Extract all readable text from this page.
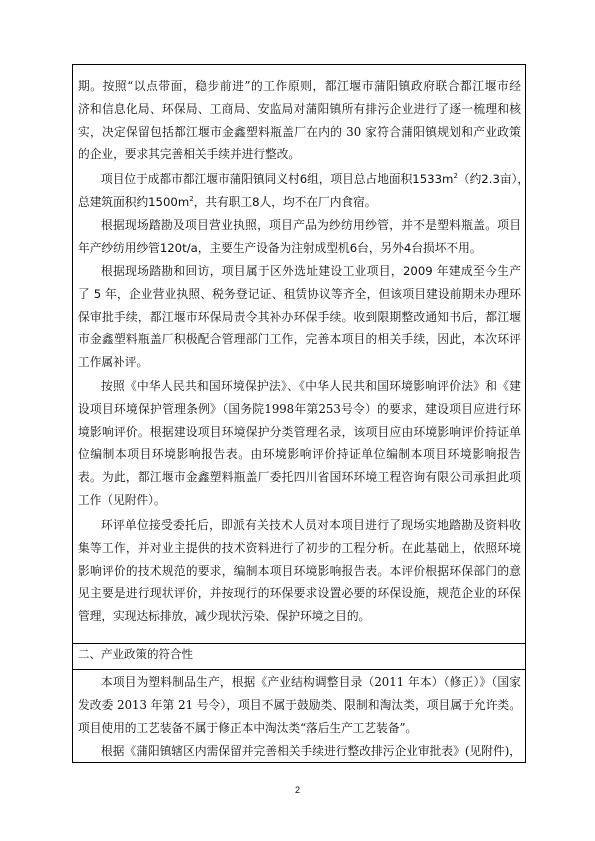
期。按照“以点带面，稳步前进”的工作原则，都江堰市蒲阳镇政府联合都江堰市经
济和信息化局、环保局、工商局、安监局对蒲阳镇所有排污企业进行了逐一梳理和核
实，决定保留包括都江堰市金鑫塑料瓶盖厂在内的 30 家符合蒲阳镇规划和产业政策
的企业，要求其完善相关手续并进行整改。
项目位于成都市都江堰市蒲阳镇同义村6组，项目总占地面积$1533m^2$（约2.3亩），
总建筑面积约$1500m^2$，共有职工8人，均不在厂内食宿。
根据现场踏勘及项目营业执照，项目产品为纱纺用纱管，并不是塑料瓶盖。项目
年产纱纺用纱管120t/a，主要生产设备为注射成型机6台，另外4台损坏不用。
根据现场踏勘和回访，项目属于区外选址建设工业项目，2009 年建成至今生产
了 5 年，企业营业执照、税务登记证、租赁协议等齐全，但该项目建设前期未办理环
保审批手续，都江堰市环保局责令其补办环保手续。收到限期整改通知书后，都江堰
市金鑫塑料瓶盖厂积极配合管理部门工作，完善本项目的相关手续，因此，本次环评
工作属补评。
按照《中华人民共和国环境保护法》、《中华人民共和国环境影响评价法》和《建
设项目环境保护管理条例》（国务院1998年第253号令）的要求，建设项目应进行环
境影响评价。根据建设项目环境保护分类管理名录，该项目应由环境影响评价持证单
位编制本项目环境影响报告表。由环境影响评价持证单位编制本项目环境影响报告
表。为此，都江堰市金鑫塑料瓶盖厂委托四川省国环环境工程咨询有限公司承担此项
工作（见附件）。
环评单位接受委托后，即派有关技术人员对本项目进行了现场实地踏勘及资料收
集等工作，并对业主提供的技术资料进行了初步的工程分析。在此基础上，依照环境
影响评价的技术规范的要求，编制本项目环境影响报告表。本评价根据环保部门的意
见主要是进行现状评价，并按现行的环保要求设置必要的环保设施，规范企业的环保
管理，实现达标排放，减少现状污染、保护环境之目的。
二、产业政策的符合性
本项目为塑料制品生产，根据《产业结构调整目录（2011 年本）（修正）》（国家
发改委 2013 年第 21 号令），项目不属于鼓励类、限制和淘汰类，项目属于允许类。
项目使用的工艺装备不属于修正本中淘汰类“落后生产工艺装备”。
根据《蒲阳镇辖区内需保留并完善相关手续进行整改排污企业审批表》(见附件)，
2
